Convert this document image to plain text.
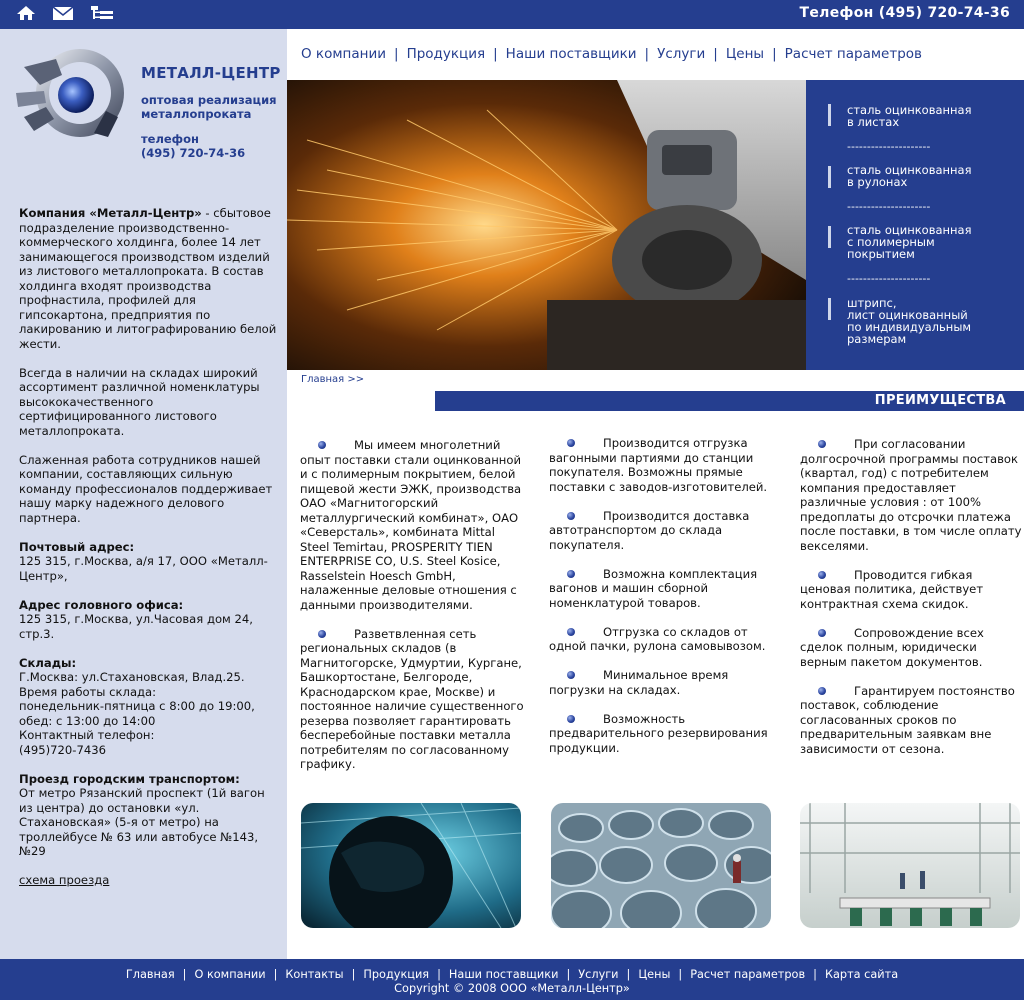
Телефон (495) 720-74-36
МЕТАЛЛ-ЦЕНТР
оптовая реализация
металлопроката
телефон
(495) 720-74-36

Компания «Металл-Центр» - сбытовое подразделение производственно-коммерческого холдинга, более 14 лет занимающегося производством изделий из листового металлопроката. В состав холдинга входят производства профнастила, профилей для гипсокартона, предприятия по лакированию и литографированию белой жести.

Всегда в наличии на складах широкий ассортимент различной номенклатуры высококачественного сертифицированного листового металлопроката.

Слаженная работа сотрудников нашей компании, составляющих сильную команду профессионалов поддерживает нашу марку надежного делового партнера.

Почтовый адрес:
125 315, г.Москва, а/я 17, ООО «Металл-Центр»,

Адрес головного офиса:
125 315, г.Москва, ул.Часовая дом 24, стр.3.

Склады:
Г.Москва: ул.Стахановская, Влад.25.
Время работы склада:
понедельник-пятница с 8:00 до 19:00,
обед: с 13:00 до 14:00
Контактный телефон:
(495)720-7436

Проезд городским транспортом:
От метро Рязанский проспект (1й вагон из центра) до остановки «ул. Стахановская» (5-я от метро) на троллейбусе № 63 или автобусе №143, №29

схема проезда

О компании | Продукция | Наши поставщики | Услуги | Цены | Расчет параметров
сталь оцинкованная
в листах
---------------------
сталь оцинкованная
в рулонах
---------------------
сталь оцинкованная
с полимерным
покрытием
---------------------
штрипс,
лист оцинкованный
по индивидуальным
размерам
Главная >>
ПРЕИМУЩЕСТВА
Мы имеем многолетний опыт поставки стали оцинкованной и с полимерным покрытием, белой пищевой жести ЭЖК, производства ОАО «Магнитогорский металлургический комбинат», ОАО «Северсталь», комбината Mittal Steel Temirtau, PROSPERITY TIEN ENTERPRISE CO, U.S. Steel Kosice, Rasselstein Hoesch GmbH, налаженные деловые отношения с данными производителями.
Разветвленная сеть региональных складов (в Магнитогорске, Удмуртии, Кургане, Башкортостане, Белгороде, Краснодарском крае, Москве) и постоянное наличие существенного резерва позволяет гарантировать бесперебойные поставки металла потребителям по согласованному графику.
Производится отгрузка вагонными партиями до станции покупателя. Возможны прямые поставки с заводов-изготовителей.
Производится доставка автотранспортом до склада покупателя.
Возможна комплектация вагонов и машин сборной номенклатурой товаров.
Отгрузка со складов от одной пачки, рулона самовывозом.
Минимальное время погрузки на складах.
Возможность предварительного резервирования продукции.
При согласовании долгосрочной программы поставок (квартал, год) с потребителем компания предоставляет различные условия : от 100% предоплаты до отсрочки платежа после поставки, в том числе оплату векселями.
Проводится гибкая ценовая политика, действует контрактная схема скидок.
Сопровождение всех сделок полным, юридически верным пакетом документов.
Гарантируем постоянство поставок, соблюдение согласованных сроков по предварительным заявкам вне зависимости от сезона.
Главная | О компании | Контакты | Продукция | Наши поставщики | Услуги | Цены | Расчет параметров | Карта сайта
Copyright © 2008 ООО «Металл-Центр»
